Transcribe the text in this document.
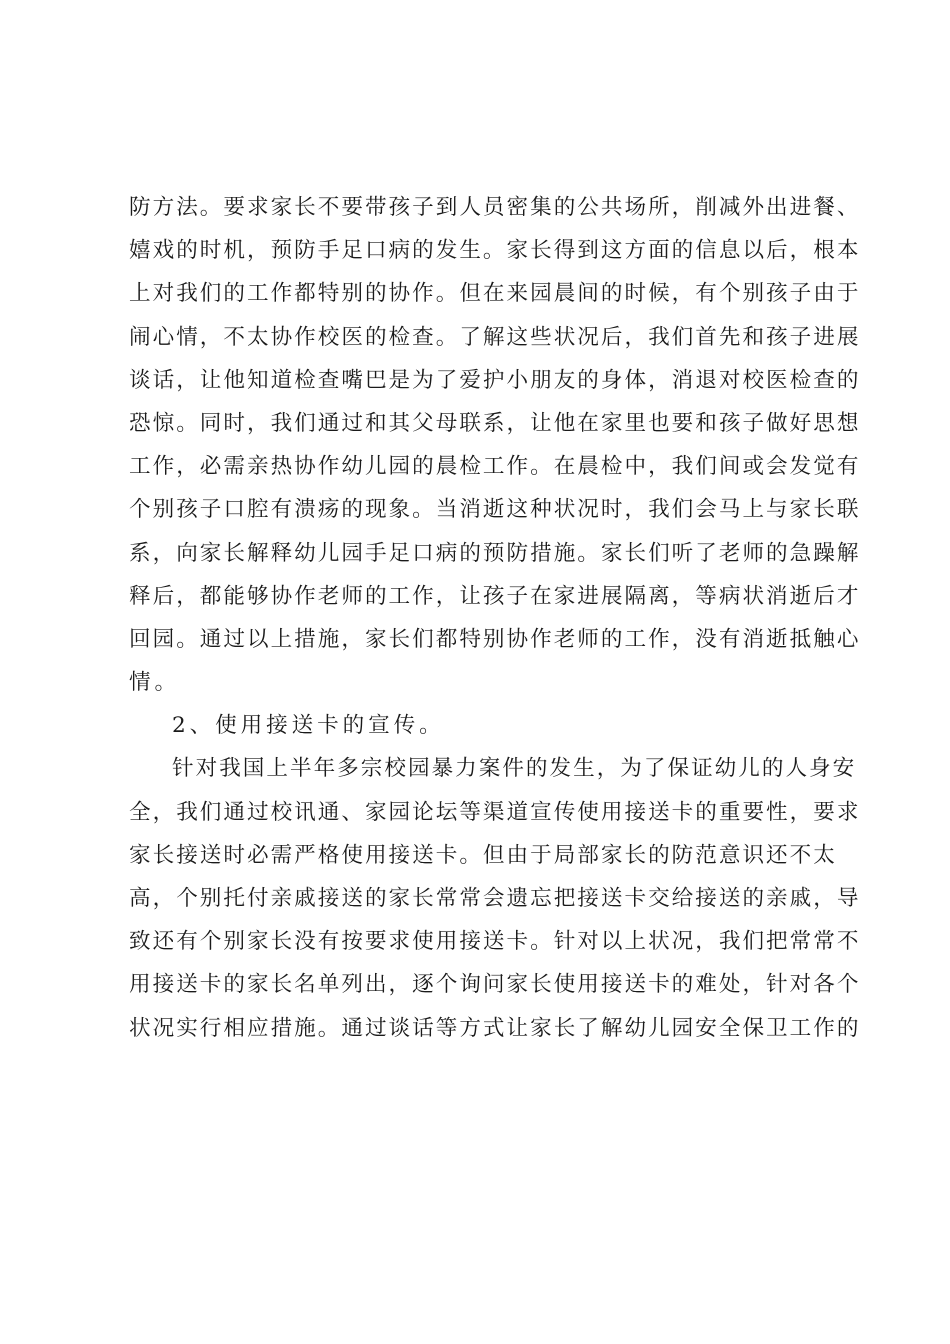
防方法。要求家长不要带孩子到人员密集的公共场所，削减外出进餐、
嬉戏的时机，预防手足口病的发生。家长得到这方面的信息以后，根本
上对我们的工作都特别的协作。但在来园晨间的时候，有个别孩子由于
闹心情，不太协作校医的检查。了解这些状况后，我们首先和孩子进展
谈话，让他知道检查嘴巴是为了爱护小朋友的身体，消退对校医检查的
恐惊。同时，我们通过和其父母联系，让他在家里也要和孩子做好思想
工作，必需亲热协作幼儿园的晨检工作。在晨检中，我们间或会发觉有
个别孩子口腔有溃疡的现象。当消逝这种状况时，我们会马上与家长联
系，向家长解释幼儿园手足口病的预防措施。家长们听了老师的急躁解
释后，都能够协作老师的工作，让孩子在家进展隔离，等病状消逝后才
回园。通过以上措施，家长们都特别协作老师的工作，没有消逝抵触心
情。
2、使用接送卡的宣传。
针对我国上半年多宗校园暴力案件的发生，为了保证幼儿的人身安
全，我们通过校讯通、家园论坛等渠道宣传使用接送卡的重要性，要求
家长接送时必需严格使用接送卡。但由于局部家长的防范意识还不太
高，个别托付亲戚接送的家长常常会遗忘把接送卡交给接送的亲戚，导
致还有个别家长没有按要求使用接送卡。针对以上状况，我们把常常不
用接送卡的家长名单列出，逐个询问家长使用接送卡的难处，针对各个
状况实行相应措施。通过谈话等方式让家长了解幼儿园安全保卫工作的
